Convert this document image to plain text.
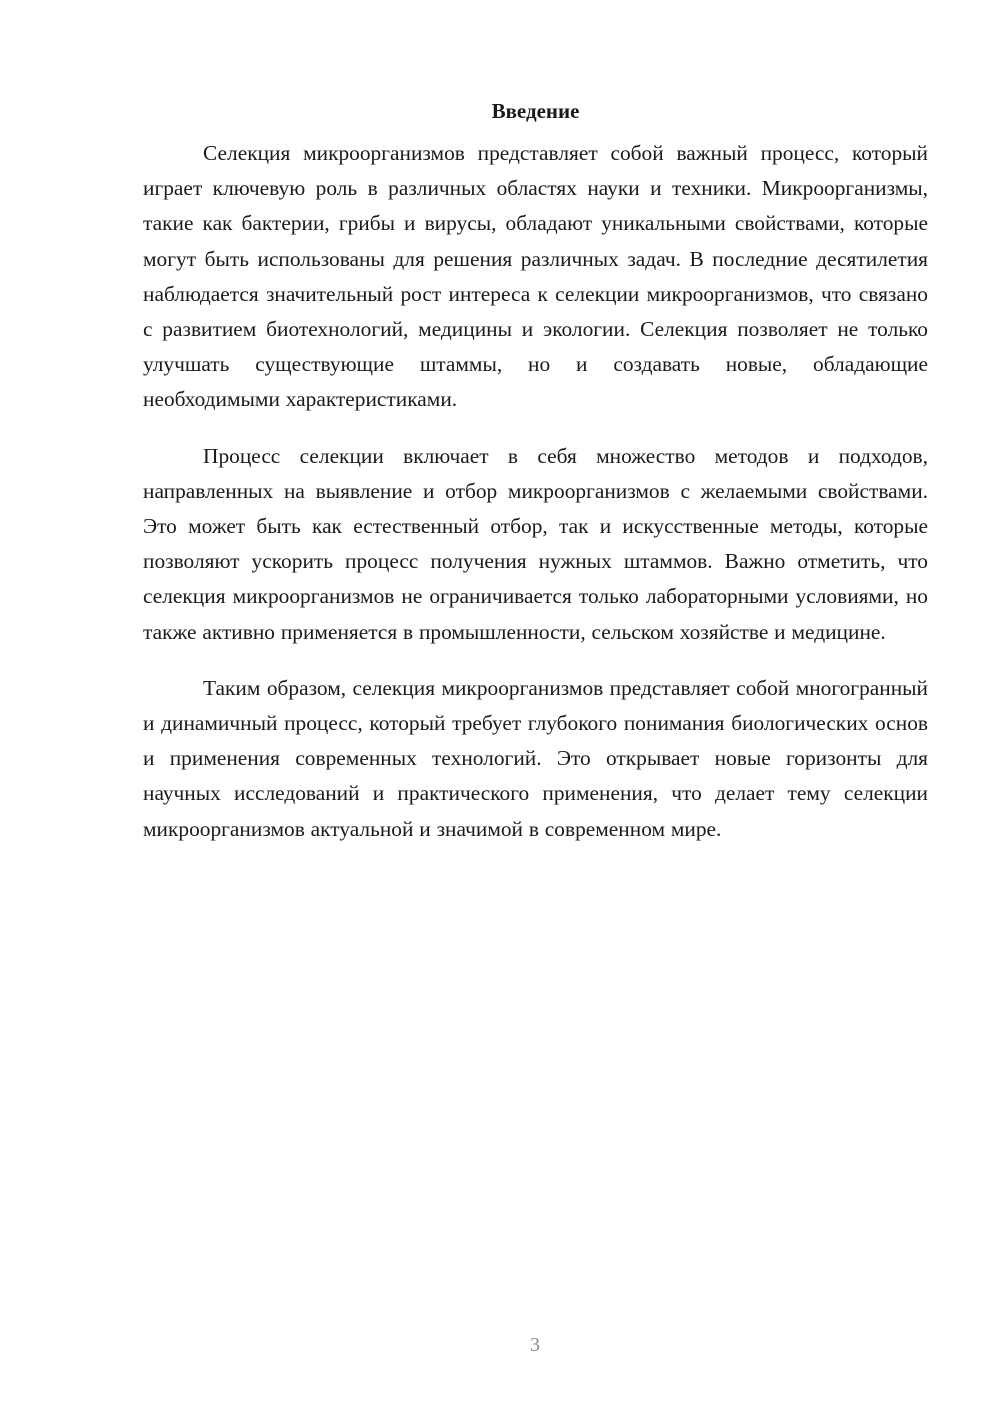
Введение

Селекция микроорганизмов представляет собой важный процесс, который играет ключевую роль в различных областях науки и техники. Микроорганизмы, такие как бактерии, грибы и вирусы, обладают уникальными свойствами, которые могут быть использованы для решения различных задач. В последние десятилетия наблюдается значительный рост интереса к селекции микроорганизмов, что связано с развитием биотехнологий, медицины и экологии. Селекция позволяет не только улучшать существующие штаммы, но и создавать новые, обладающие необходимыми характеристиками.

Процесс селекции включает в себя множество методов и подходов, направленных на выявление и отбор микроорганизмов с желаемыми свойствами. Это может быть как естественный отбор, так и искусственные методы, которые позволяют ускорить процесс получения нужных штаммов. Важно отметить, что селекция микроорганизмов не ограничивается только лабораторными условиями, но также активно применяется в промышленности, сельском хозяйстве и медицине.

Таким образом, селекция микроорганизмов представляет собой многогранный и динамичный процесс, который требует глубокого понимания биологических основ и применения современных технологий. Это открывает новые горизонты для научных исследований и практического применения, что делает тему селекции микроорганизмов актуальной и значимой в современном мире.

3
